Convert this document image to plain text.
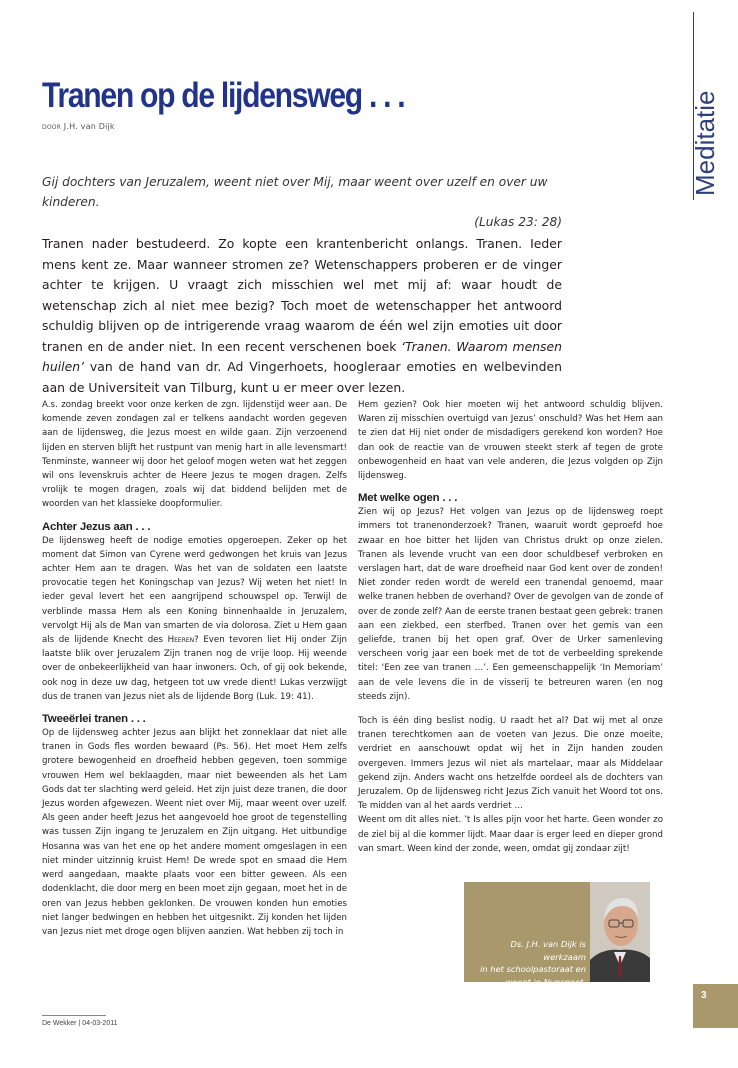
Meditatie
Tranen op de lijdensweg . . .
door J.H. van Dijk
Gij dochters van Jeruzalem, weent niet over Mij, maar weent over uzelf en over uw kinderen.
(Lukas 23: 28)
Tranen nader bestudeerd. Zo kopte een krantenbericht onlangs. Tranen. Ieder mens kent ze. Maar wanneer stromen ze? Wetenschappers proberen er de vinger achter te krijgen. U vraagt zich misschien wel met mij af: waar houdt de wetenschap zich al niet mee bezig? Toch moet de wetenschapper het antwoord schuldig blijven op de intrigerende vraag waarom de één wel zijn emoties uit door tranen en de ander niet. In een recent verschenen boek ‘Tranen. Waarom mensen huilen’ van de hand van dr. Ad Vingerhoets, hoogleraar emoties en welbevinden aan de Universiteit van Tilburg, kunt u er meer over lezen.

A.s. zondag breekt voor onze kerken de zgn. lijdenstijd weer aan. De komende zeven zondagen zal er telkens aandacht worden gegeven aan de lijdensweg, die Jezus moest en wilde gaan. Zijn verzoenend lijden en sterven blijft het rustpunt van menig hart in alle levensmart! Tenminste, wanneer wij door het geloof mogen weten wat het zeggen wil ons levenskruis achter de Heere Jezus te mogen dragen. Zelfs vrolijk te mogen dragen, zoals wij dat biddend belijden met de woorden van het klassieke doopformulier.

Achter Jezus aan . . .

De lijdensweg heeft de nodige emoties opgeroepen. Zeker op het moment dat Simon van Cyrene werd gedwongen het kruis van Jezus achter Hem aan te dragen. Was het van de soldaten een laatste provocatie tegen het Koningschap van Jezus? Wij weten het niet! In ieder geval levert het een aangrijpend schouwspel op. Terwijl de verblinde massa Hem als een Koning binnenhaalde in Jeruzalem, vervolgt Hij als de Man van smarten de via dolorosa. Ziet u Hem gaan als de lijdende Knecht des Heeren? Even tevoren liet Hij onder Zijn laatste blik over Jeruzalem Zijn tranen nog de vrije loop. Hij weende over de onbekeerlijkheid van haar inwoners. Och, of gij ook bekende, ook nog in deze uw dag, hetgeen tot uw vrede dient! Lukas verzwijgt dus de tranen van Jezus niet als de lijdende Borg (Luk. 19: 41).

Tweeërlei tranen . . .

Op de lijdensweg achter Jezus aan blijkt het zonneklaar dat niet alle tranen in Gods fles worden bewaard (Ps. 56). Het moet Hem zelfs grotere bewogenheid en droefheid hebben gegeven, toen sommige vrouwen Hem wel beklaagden, maar niet beweenden als het Lam Gods dat ter slachting werd geleid. Het zijn juist deze tranen, die door Jezus worden afgewezen. Weent niet over Mij, maar weent over uzelf. Als geen ander heeft Jezus het aangevoeld hoe groot de tegenstelling was tussen Zijn ingang te Jeruzalem en Zijn uitgang. Het uitbundige Hosanna was van het ene op het andere moment omgeslagen in een niet minder uitzinnig kruist Hem! De wrede spot en smaad die Hem werd aangedaan, maakte plaats voor een bitter geween. Als een dodenklacht, die door merg en been moet zijn gegaan, moet het in de oren van Jezus hebben geklonken. De vrouwen konden hun emoties niet langer bedwingen en hebben het uitgesnikt. Zij konden het lijden van Jezus niet met droge ogen blijven aanzien. Wat hebben zij toch in

Hem gezien? Ook hier moeten wij het antwoord schuldig blijven. Waren zij misschien overtuigd van Jezus’ onschuld? Was het Hem aan te zien dat Hij niet onder de misdadigers gerekend kon worden? Hoe dan ook de reactie van de vrouwen steekt sterk af tegen de grote onbewogenheid en haat van vele anderen, die Jezus volgden op Zijn lijdensweg.

Met welke ogen . . .

Zien wij op Jezus? Het volgen van Jezus op de lijdensweg roept immers tot tranenonderzoek? Tranen, waaruit wordt geproefd hoe zwaar en hoe bitter het lijden van Christus drukt op onze zielen. Tranen als levende vrucht van een door schuldbesef verbroken en verslagen hart, dat de ware droefheid naar God kent over de zonden! Niet zonder reden wordt de wereld een tranendal genoemd, maar welke tranen hebben de overhand? Over de gevolgen van de zonde of over de zonde zelf? Aan de eerste tranen bestaat geen gebrek: tranen aan een ziekbed, een sterfbed. Tranen over het gemis van een geliefde, tranen bij het open graf. Over de Urker samenleving verscheen vorig jaar een boek met de tot de verbeelding sprekende titel: ‘Een zee van tranen …’. Een gemeenschappelijk ‘In Memoriam’ aan de vele levens die in de visserij te betreuren waren (en nog steeds zijn).

Toch is één ding beslist nodig. U raadt het al? Dat wij met al onze tranen terechtkomen aan de voeten van Jezus. Die onze moeite, verdriet en aanschouwt opdat wij het in Zijn handen zouden overgeven. Immers Jezus wil niet als martelaar, maar als Middelaar gekend zijn. Anders wacht ons hetzelfde oordeel als de dochters van Jeruzalem. Op de lijdensweg richt Jezus Zich vanuit het Woord tot ons. Te midden van al het aards verdriet …

Weent om dit alles niet. ’t Is alles pijn voor het harte. Geen wonder zo de ziel bij al die kommer lijdt. Maar daar is erger leed en dieper grond van smart. Ween kind der zonde, ween, omdat gij zondaar zijt!

Ds. J.H. van Dijk is werkzaam
in het schoolpastoraat en
woont in Nunspeet.
De Wekker | 04-03-2011
3
